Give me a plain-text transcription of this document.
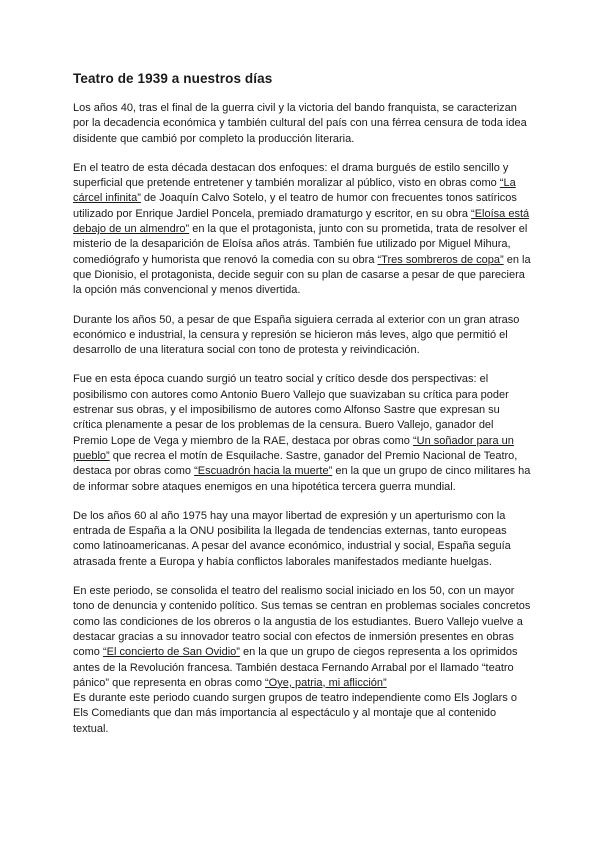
Teatro de 1939 a nuestros días

Los años 40, tras el final de la guerra civil y la victoria del bando franquista, se caracterizan por la decadencia económica y también cultural del país con una férrea censura de toda idea disidente que cambió por completo la producción literaria.

En el teatro de esta década destacan dos enfoques: el drama burgués de estilo sencillo y superficial que pretende entretener y también moralizar al público, visto en obras como “La cárcel infinita” de Joaquín Calvo Sotelo, y el teatro de humor con frecuentes tonos satíricos utilizado por Enrique Jardiel Poncela, premiado dramaturgo y escritor, en su obra “Eloísa está debajo de un almendro” en la que el protagonista, junto con su prometida, trata de resolver el misterio de la desaparición de Eloísa años atrás. También fue utilizado por Miguel Mihura, comediógrafo y humorista que renovó la comedia con su obra “Tres sombreros de copa” en la que Dionisio, el protagonista, decide seguir con su plan de casarse a pesar de que pareciera la opción más convencional y menos divertida.

Durante los años 50, a pesar de que España siguiera cerrada al exterior con un gran atraso económico e industrial, la censura y represión se hicieron más leves, algo que permitió el desarrollo de una literatura social con tono de protesta y reivindicación.

Fue en esta época cuando surgió un teatro social y crítico desde dos perspectivas: el posibilismo con autores como Antonio Buero Vallejo que suavizaban su crítica para poder estrenar sus obras, y el imposibilismo de autores como Alfonso Sastre que expresan su crítica plenamente a pesar de los problemas de la censura. Buero Vallejo, ganador del Premio Lope de Vega y miembro de la RAE, destaca por obras como “Un soñador para un pueblo” que recrea el motín de Esquilache. Sastre, ganador del Premio Nacional de Teatro, destaca por obras como “Escuadrón hacia la muerte” en la que un grupo de cinco militares ha de informar sobre ataques enemigos en una hipotética tercera guerra mundial.

De los años 60 al año 1975 hay una mayor libertad de expresión y un aperturismo con la entrada de España a la ONU posibilita la llegada de tendencias externas, tanto europeas como latinoamericanas. A pesar del avance económico, industrial y social, España seguía atrasada frente a Europa y había conflictos laborales manifestados mediante huelgas.

En este periodo, se consolida el teatro del realismo social iniciado en los 50, con un mayor tono de denuncia y contenido político. Sus temas se centran en problemas sociales concretos como las condiciones de los obreros o la angustia de los estudiantes. Buero Vallejo vuelve a destacar gracias a su innovador teatro social con efectos de inmersión presentes en obras como “El concierto de San Ovidio” en la que un grupo de ciegos representa a los oprimidos antes de la Revolución francesa. También destaca Fernando Arrabal por el llamado “teatro pánico” que representa en obras como “Oye, patria, mi aflicción”

Es durante este periodo cuando surgen grupos de teatro independiente como Els Joglars o Els Comediants que dan más importancia al espectáculo y al montaje que al contenido textual.
